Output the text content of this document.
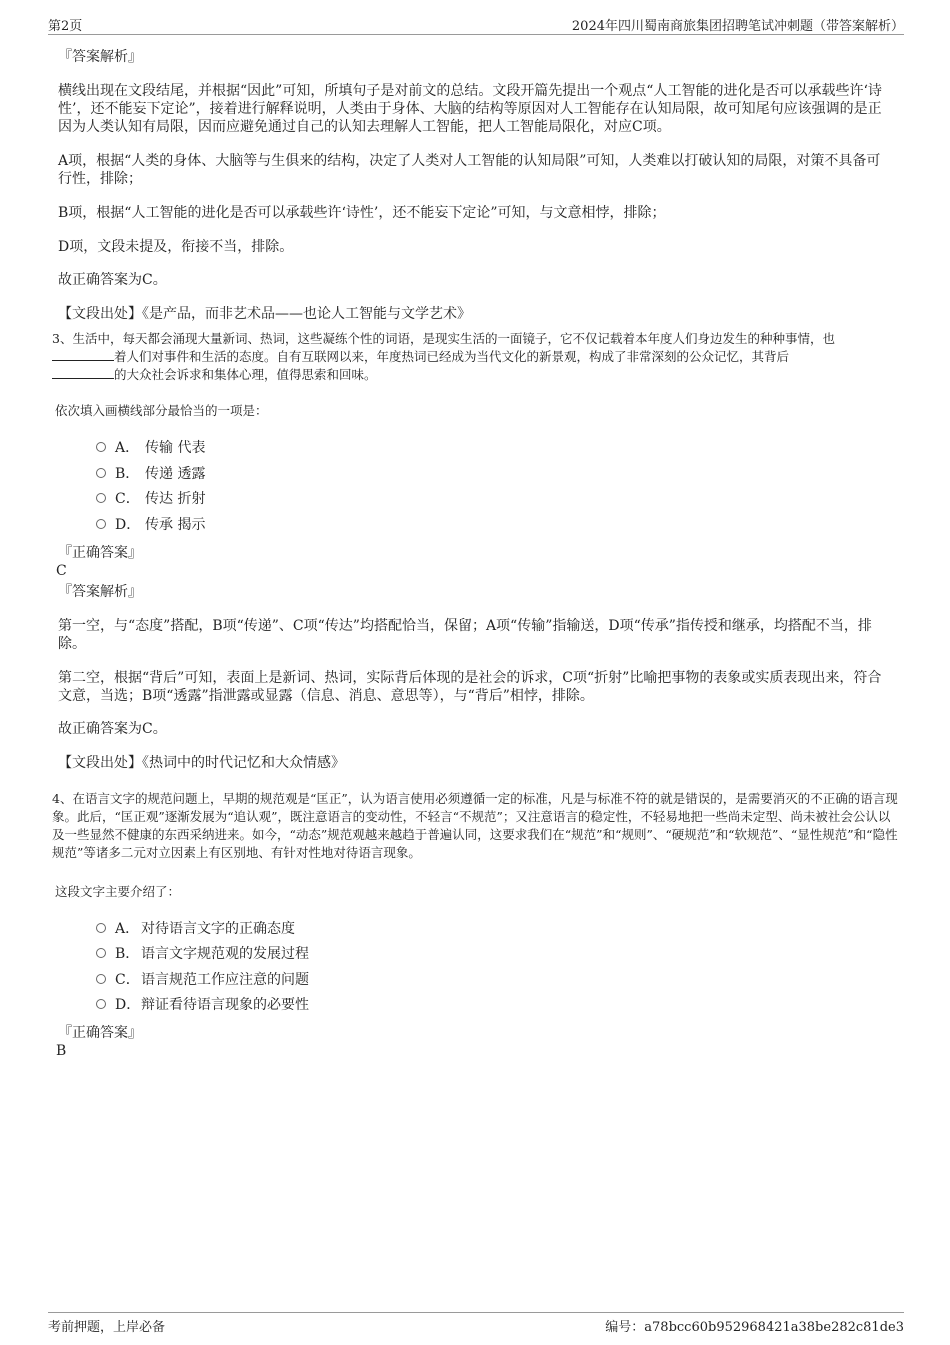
第2页	2024年四川蜀南商旅集团招聘笔试冲刺题（带答案解析）
『答案解析』

横线出现在文段结尾，并根据“因此”可知，所填句子是对前文的总结。文段开篇先提出一个观点“人工智能的进化是否可以承载些许‘诗性’，还不能妄下定论”，接着进行解释说明，人类由于身体、大脑的结构等原因对人工智能存在认知局限，故可知尾句应该强调的是正因为人类认知有局限，因而应避免通过自己的认知去理解人工智能，把人工智能局限化，对应C项。

A项，根据“人类的身体、大脑等与生俱来的结构，决定了人类对人工智能的认知局限”可知，人类难以打破认知的局限，对策不具备可行性，排除；

B项，根据“人工智能的进化是否可以承载些许‘诗性’，还不能妄下定论”可知，与文意相悖，排除；

D项，文段未提及，衔接不当，排除。

故正确答案为C。

【文段出处】《是产品，而非艺术品——也论人工智能与文学艺术》

3、生活中，每天都会涌现大量新词、热词，这些凝练个性的词语，是现实生活的一面镜子，它不仅记载着本年度人们身边发生的种种事情，也
着人们对事件和生活的态度。自有互联网以来，年度热词已经成为当代文化的新景观，构成了非常深刻的公众记忆，其背后
的大众社会诉求和集体心理，值得思索和回味。
依次填入画横线部分最恰当的一项是：
A． 传输 代表
B． 传递 透露
C． 传达 折射
D． 传承 揭示
『正确答案』
C
『答案解析』

第一空，与“态度”搭配，B项“传递”、C项“传达”均搭配恰当，保留；A项“传输”指输送，D项“传承”指传授和继承，均搭配不当，排除。

第二空，根据“背后”可知，表面上是新词、热词，实际背后体现的是社会的诉求，C项“折射”比喻把事物的表象或实质表现出来，符合文意，当选；B项“透露”指泄露或显露（信息、消息、意思等），与“背后”相悖，排除。

故正确答案为C。

【文段出处】《热词中的时代记忆和大众情感》

4、在语言文字的规范问题上，早期的规范观是“匡正”，认为语言使用必须遵循一定的标准，凡是与标准不符的就是错误的，是需要消灭的不正确的语言现象。此后，“匡正观”逐渐发展为“追认观”，既注意语言的变动性，不轻言“不规范”；又注意语言的稳定性，不轻易地把一些尚未定型、尚未被社会公认以及一些显然不健康的东西采纳进来。如今，“动态”规范观越来越趋于普遍认同，这要求我们在“规范”和“规则”、“硬规范”和“软规范”、“显性规范”和“隐性规范”等诸多二元对立因素上有区别地、有针对性地对待语言现象。

这段文字主要介绍了：
A． 对待语言文字的正确态度
B． 语言文字规范观的发展过程
C．语言规范工作应注意的问题
D．辩证看待语言现象的必要性
『正确答案』
B
考前押题，上岸必备	编号：a78bcc60b952968421a38be282c81de3
